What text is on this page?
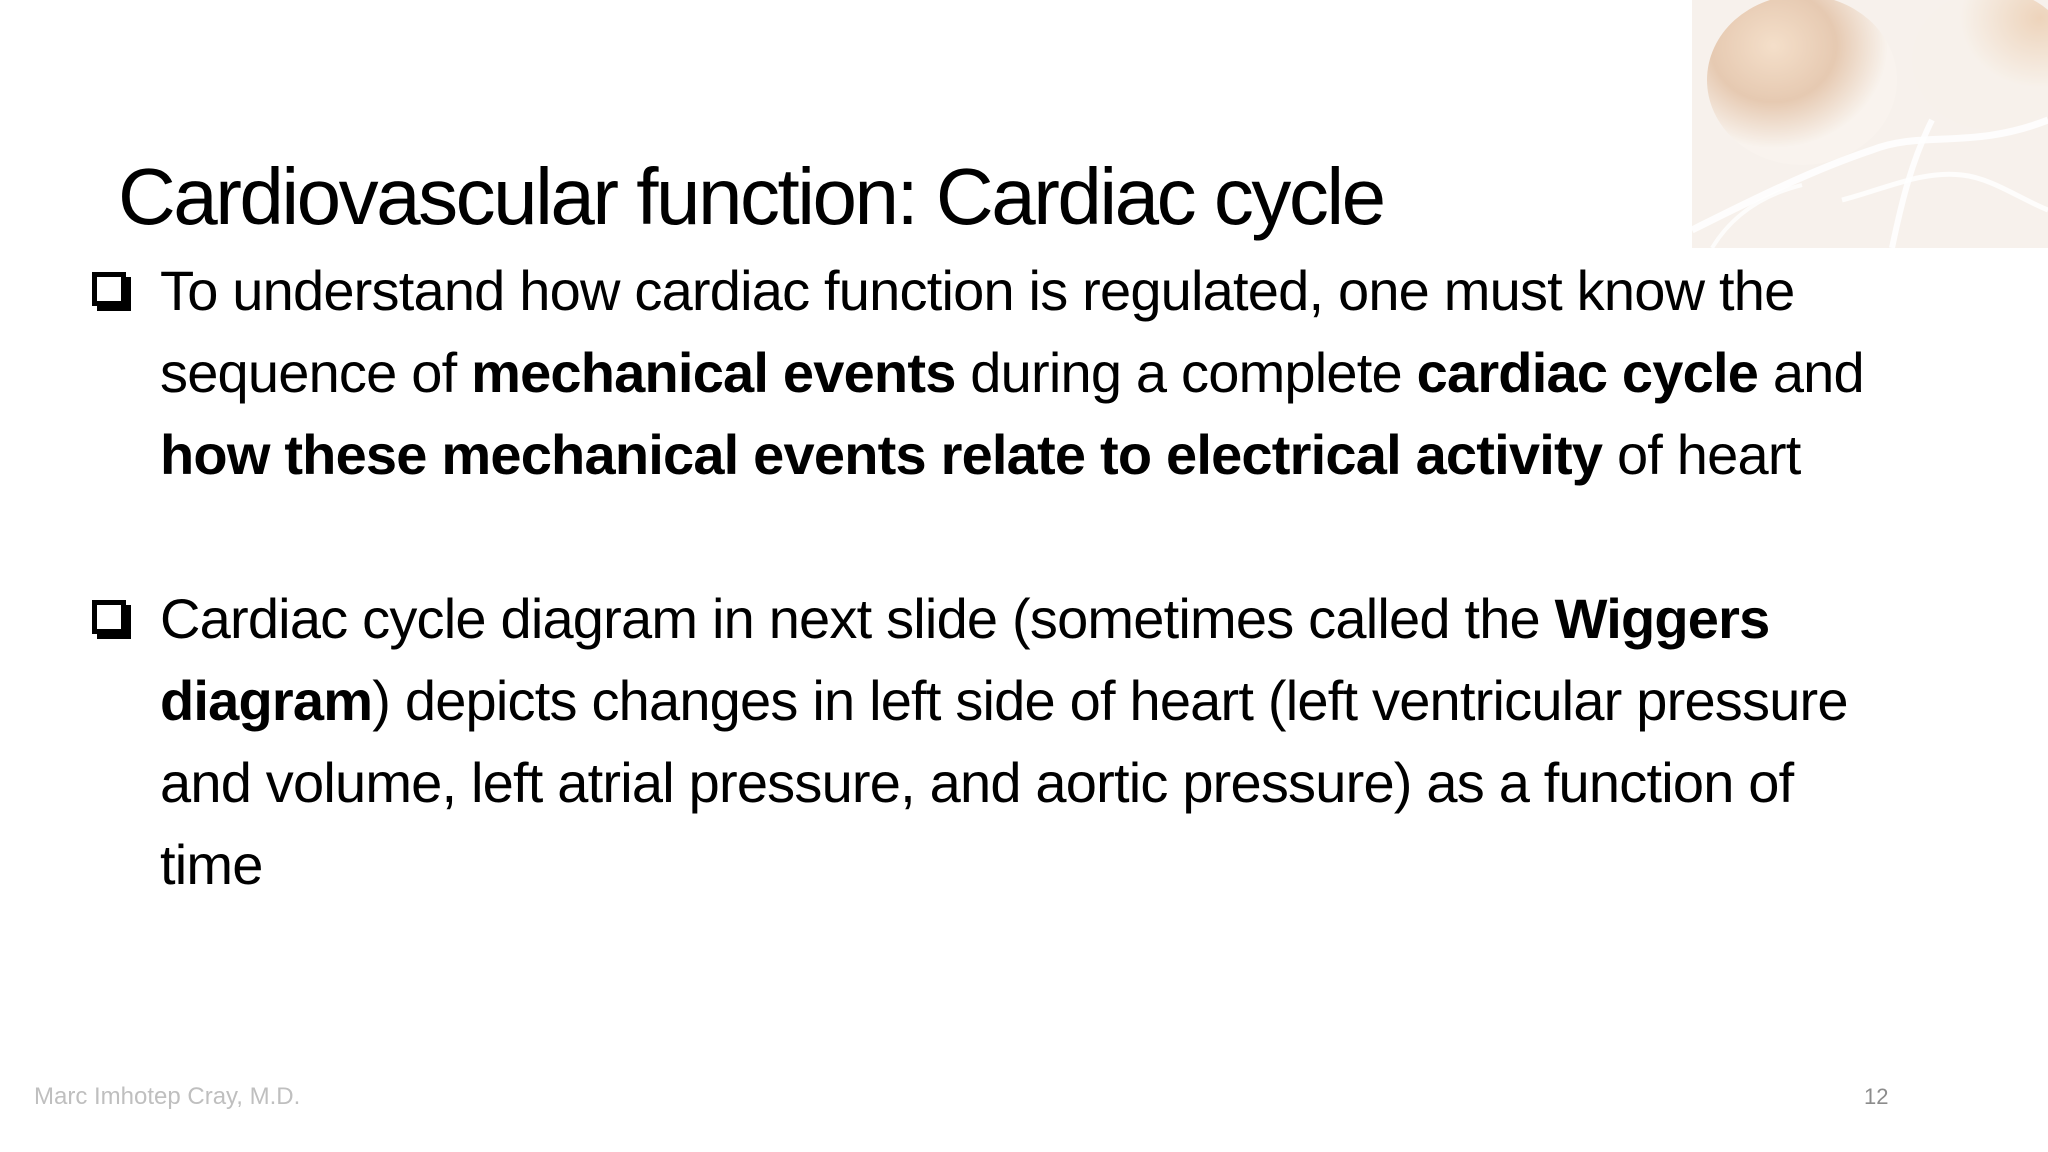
Cardiovascular function: Cardiac cycle
To understand how cardiac function is regulated, one must know the sequence of mechanical events during a complete cardiac cycle and how these mechanical events relate to electrical activity of heart
Cardiac cycle diagram in next slide (sometimes called the Wiggers diagram) depicts changes in left side of heart (left ventricular pressure and volume, left atrial pressure, and aortic pressure) as a function of time
Marc Imhotep Cray, M.D.	12
